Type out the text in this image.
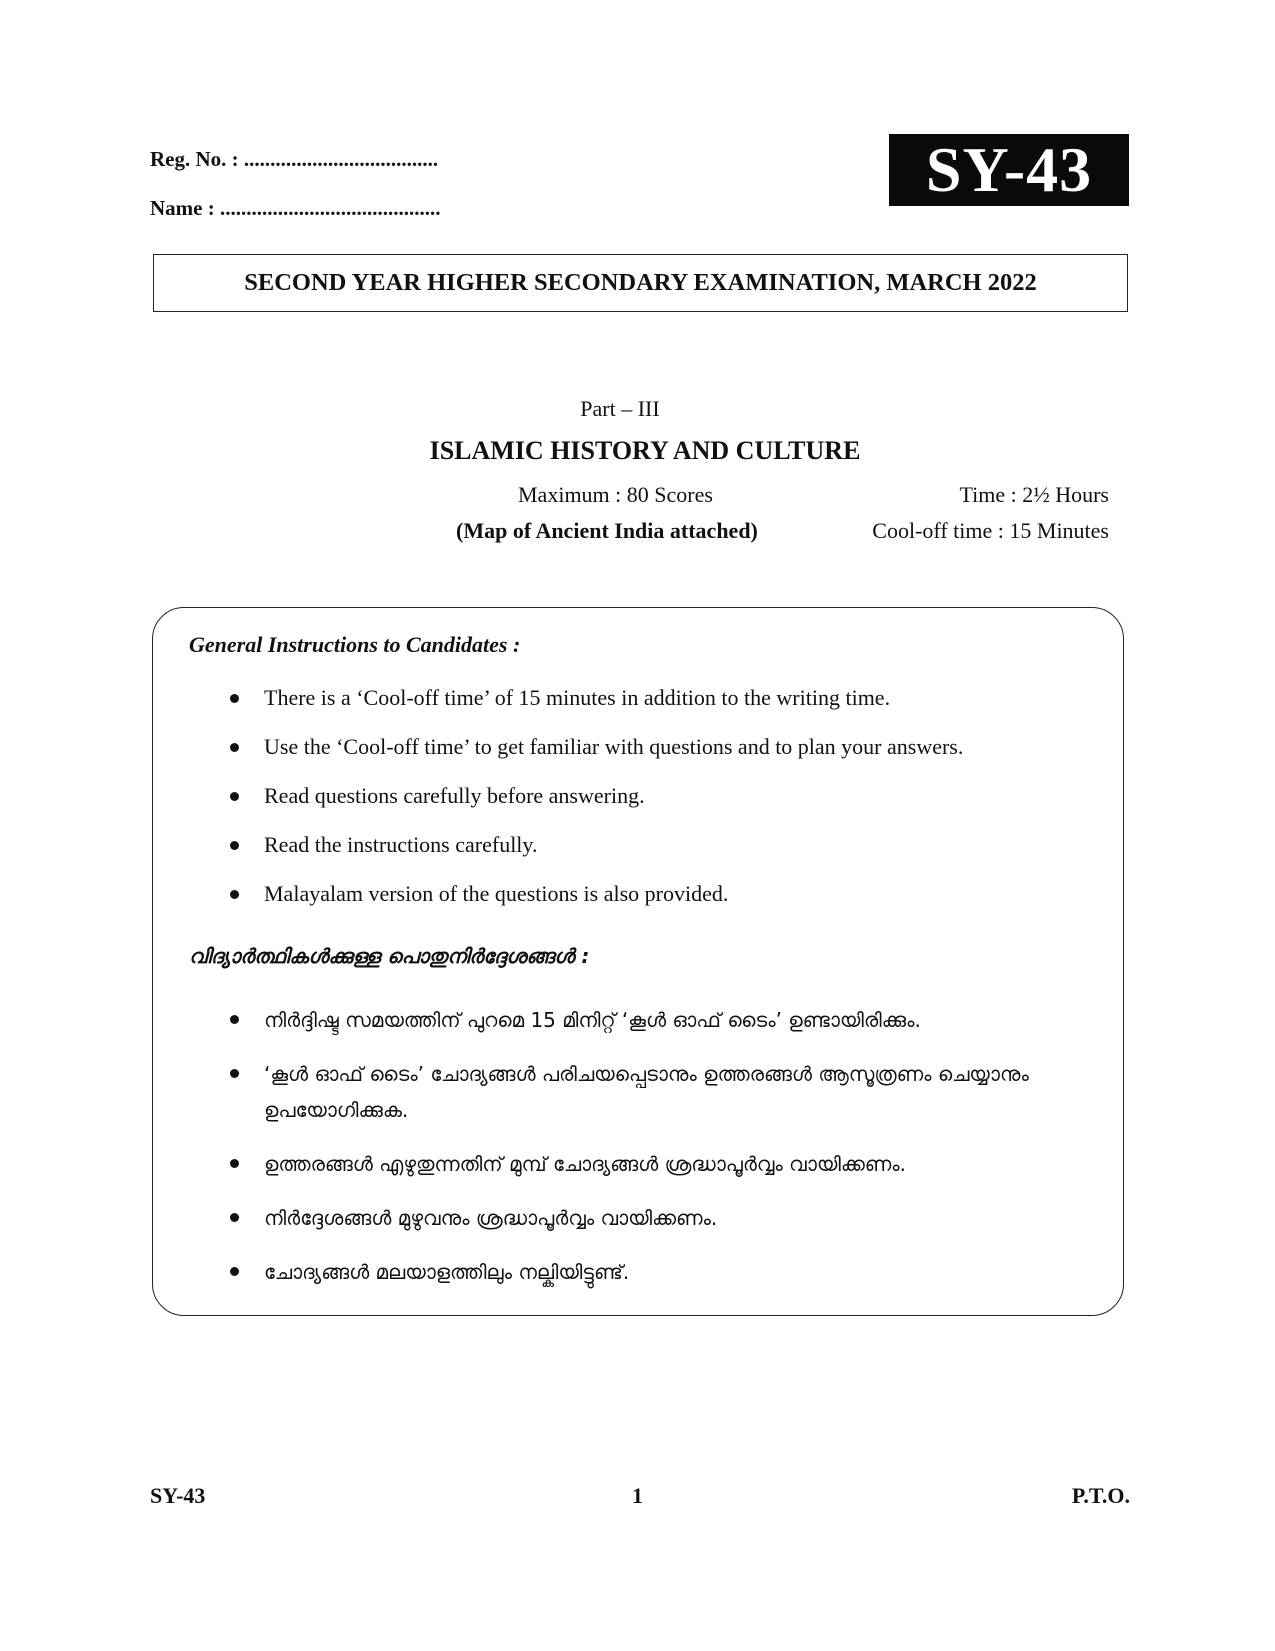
Reg. No. : .....................................
Name : ..........................................
SY-43
SECOND YEAR HIGHER SECONDARY EXAMINATION, MARCH 2022
Part – III
ISLAMIC HISTORY AND CULTURE
Maximum : 80 Scores	Time : 2½ Hours
(Map of Ancient India attached)	Cool-off time : 15 Minutes
General Instructions to Candidates :
There is a ‘Cool-off time’ of 15 minutes in addition to the writing time.
Use the ‘Cool-off time’ to get familiar with questions and to plan your answers.
Read questions carefully before answering.
Read the instructions carefully.
Malayalam version of the questions is also provided.
വിദ്യാർത്ഥികൾക്കുള്ള പൊതുനിർദ്ദേശങ്ങൾ :
നിർദ്ദിഷ്ട സമയത്തിന് പുറമെ 15 മിനിറ്റ് ‘കൂൾ ഓഫ് ടൈം’ ഉണ്ടായിരിക്കും.
‘കൂൾ ഓഫ് ടൈം’ ചോദ്യങ്ങൾ പരിചയപ്പെടാനും ഉത്തരങ്ങൾ ആസൂത്രണം ചെയ്യാനും ഉപയോഗിക്കുക.
ഉത്തരങ്ങൾ എഴുതുന്നതിന് മുമ്പ് ചോദ്യങ്ങൾ ശ്രദ്ധാപൂർവ്വം വായിക്കണം.
നിർദ്ദേശങ്ങൾ മുഴുവനും ശ്രദ്ധാപൂർവ്വം വായിക്കണം.
ചോദ്യങ്ങൾ മലയാളത്തിലും നല്കിയിട്ടുണ്ട്.
SY-43	1	P.T.O.
